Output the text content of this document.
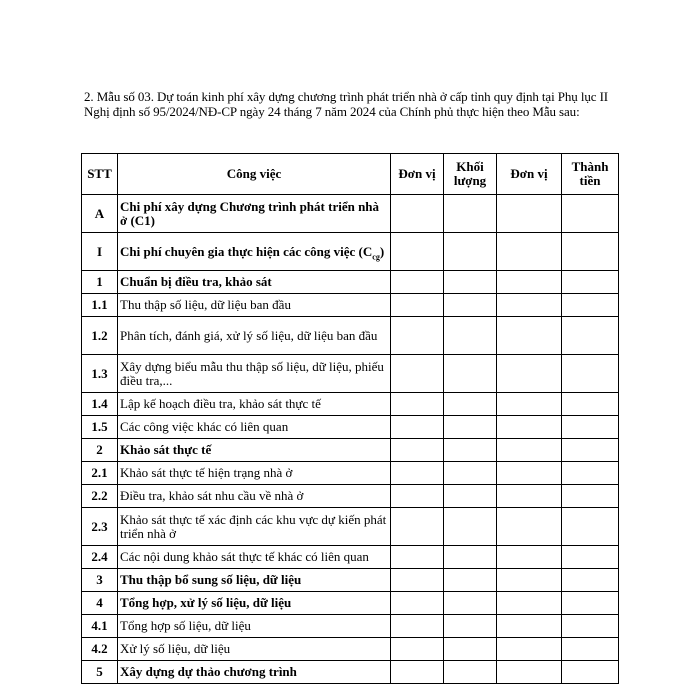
2. Mẫu số 03. Dự toán kinh phí xây dựng chương trình phát triển nhà ở cấp tỉnh quy định tại Phụ lục II Nghị định số 95/2024/NĐ-CP ngày 24 tháng 7 năm 2024 của Chính phủ thực hiện theo Mẫu sau:
STT	Công việc	Đơn vị	Khối lượng	Đơn vị	Thành tiền
A	Chi phí xây dựng Chương trình phát triển nhà ở (C1)				
I	Chi phí chuyên gia thực hiện các công việc $(C_{cg})$				
1	Chuẩn bị điều tra, khảo sát				
1.1	Thu thập số liệu, dữ liệu ban đầu				
1.2	Phân tích, đánh giá, xử lý số liệu, dữ liệu ban đầu				
1.3	Xây dựng biểu mẫu thu thập số liệu, dữ liệu, phiếu điều tra,...				
1.4	Lập kế hoạch điều tra, khảo sát thực tế				
1.5	Các công việc khác có liên quan				
2	Khảo sát thực tế				
2.1	Khảo sát thực tế hiện trạng nhà ở				
2.2	Điều tra, khảo sát nhu cầu về nhà ở				
2.3	Khảo sát thực tế xác định các khu vực dự kiến phát triển nhà ở				
2.4	Các nội dung khảo sát thực tế khác có liên quan				
3	Thu thập bổ sung số liệu, dữ liệu				
4	Tổng hợp, xử lý số liệu, dữ liệu				
4.1	Tổng hợp số liệu, dữ liệu				
4.2	Xử lý số liệu, dữ liệu				
5	Xây dựng dự thảo chương trình				
